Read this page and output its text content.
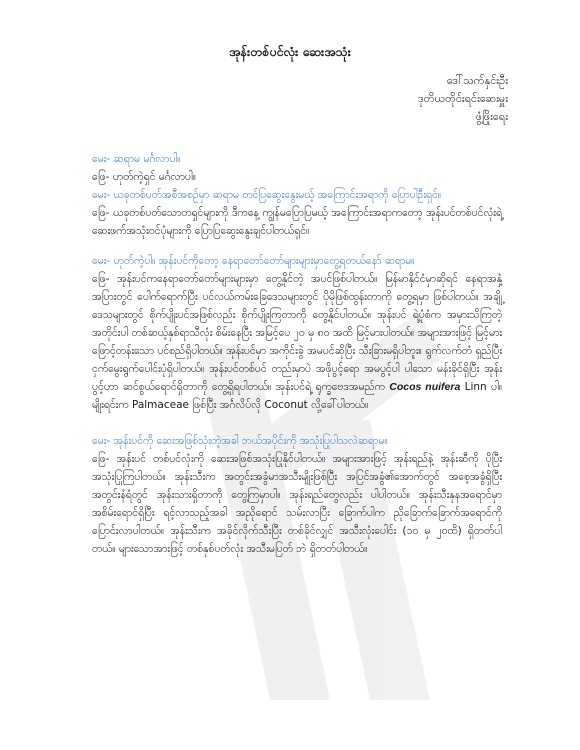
အုန်းတစ်ပင်လုံး ဆေးအသုံး
ဒေါ်သက်နှင်းဦး
ဒုတိယတိုင်းရင်းဆေးမှူး
ဖွံ့ဖြိုးရေး

မေး- ဆရာမ မင်္ဂလာပါ။

ဖြေ- ဟုတ်ကဲ့ရှင် မင်္ဂလာပါ။

မေး- ယခုတစ်ပတ်အစီအစဉ်မှာ ဆရာမ တင်ပြဆွေးနွေးမယ့် အကြောင်းအရာကို ပြောပါဦးရှင်။

ဖြေ- ယခုတစ်ပတ်သောတရှင်များကို ဒီကနေ့ ကျွန်မပြောပြမယ့် အကြောင်းအရာကတော့ အုန်းပင်တစ်ပင်လုံးရဲ့ ဆေးဖက်အသုံးဝင်ပုံများကို ပြောပြဆွေးနွေးချင်ပါတယ်ရှင်။

မေး- ဟုတ်ကဲ့ပါ။ အုန်းပင်ကိုတော့ နေရာတော်တော်များများမှာတွေ့ရတယ်နော် ဆရာမ။

ဖြေ- အုန်းပင်ကနေရာတော်တော်များများမှာ တွေ့နိုင်တဲ့ အပင်ဖြစ်ပါတယ်။ မြန်မာနိုင်ငံမှာဆိုရင် နေရာအနှံ့ အပြားတွင် ပေါက်ရောက်ပြီး ပင်လယ်ကမ်းခြေဒေသများတွင် ပိုမိုဖြစ်ထွန်းတာကို တွေ့ရမှာ ဖြစ်ပါတယ်။ အချို့ဒေသများတွင် စိုက်ပျိုးပင်အဖြစ်လည်း စိုက်ပျိုးကြတာကို တွေ့နိုင်ပါတယ်။ အုန်းပင် ရဲ့ပုံစံက အမှားသိကြတဲ့ အတိုင်းပါ တစ်ဆယ့်နှစ်ရာသီလုံး စိမ်းနေပြီး အမြင့်ပေ ၂၀ မှ ၈၀ အထိ မြင့်မားပါတယ်။ အများအားဖြင့် မြင့်မားဖြောင့်တန်းသော ပင်စည်ရှိပါတယ်။ အုန်းပင်မှာ အကိုင်းခွဲ အမပင်ဆိုပြီး သီးခြားမရှိပါဘူး။ ရွက်လက်တံ ရှည်ပြီး ငှက်မွေးရွက်ပေါင်းပုံရှိပါတယ်။ အုန်းပင်တစ်ပင် တည်းမှာပဲ အဖိုပွင့်ရော အမပွင့်ပါ ပါသော မန်းခိုင်ရှိပြီး အုန်းပွင့်ဟာ ဆင်စွယ်ရောင်ရှိတာကို တွေ့ရှိရပါတယ်။ အုန်းပင်ရဲ့ ရုက္ခဗေဒအမည်က Cocos nuifera Linn ပါ။ မျိုးရင်းက Palmaceae ဖြစ်ပြီး အင်္ဂလိပ်လို Coconut လို့ခေါ်ပါတယ်။

မေး- အုန်းပင်ကို ဆေးအဖြစ်သုံးတဲ့အခါ ဘယ်အပိုင်းကို အသုံးပြုပါသလဲဆရာမ။

ဖြေ- အုန်းပင် တစ်ပင်လုံးကို ဆေးအဖြစ်အသုံးပြုနိုင်ပါတယ်။ အများအားဖြင့် အုန်းရည်နဲ့ အုန်းဆီကို ပိုပြီး အသုံးပြုကြပါတယ်။ အုန်းသီးက အတွင်းအခွံမာအသီးမျိုးဖြစ်ပြီး အပြင်အခွံ၏အောက်တွင် အစေ့အခွံရှိပြီး အတွင်းနံရံတွင် အုန်းသားရှိတာကို တွေ့ကြမှာပါ။ အုန်းရည်တွေလည်း ပါပါတယ်။ အုန်းသီးနုနအရောင်မှာ အစိမ်းရောင်ရှိပြီး ရင့်လာသည့်အခါ အညိုရောင် သမ်းလာပြီး ခြောက်ပါက ညိုခြောက်ခြောက်အရောင်ကို ပြောင်းလာပါတယ်။ အုန်းသီးက အခိုင်လိုက်သီးပြီး တစ်ခိုင်လျှင် အသီးလုံးပေါင်း (၁၀ မှ ၂၀ထိ) ရှိတတ်ပါတယ်။ များသောအားဖြင့် တစ်နှစ်ပတ်လုံး အသီးမပြတ် ဘဲ ရှိတတ်ပါတယ်။
